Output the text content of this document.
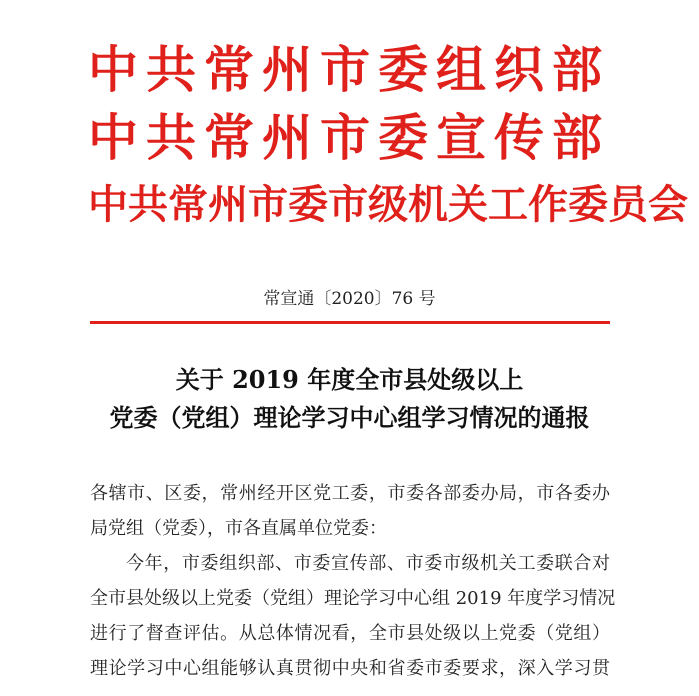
中共常州市委组织部
中共常州市委宣传部
中共常州市委市级机关工作委员会
常宣通〔2020〕76 号
关于 2019 年度全市县处级以上
党委（党组）理论学习中心组学习情况的通报
各辖市、区委，常州经开区党工委，市委各部委办局，市各委办
局党组（党委），市各直属单位党委：
今年，市委组织部、市委宣传部、市委市级机关工委联合对
全市县处级以上党委（党组）理论学习中心组 2019 年度学习情况
进行了督查评估。从总体情况看，全市县处级以上党委（党组）
理论学习中心组能够认真贯彻中央和省委市委要求，深入学习贯
